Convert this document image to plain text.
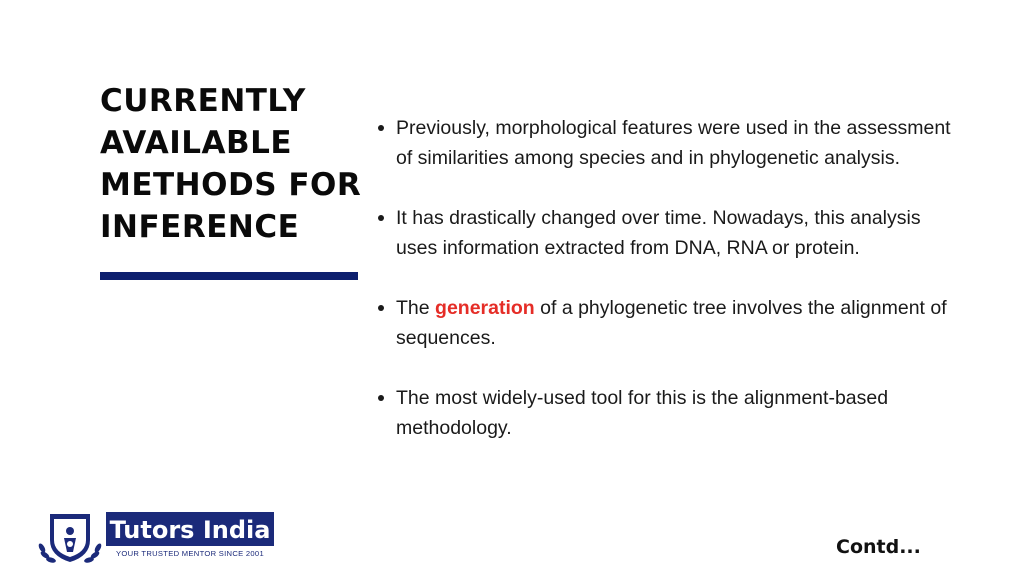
CURRENTLY
AVAILABLE
METHODS FOR
INFERENCE
Previously, morphological features were used in the assessment of similarities among species and in phylogenetic analysis.
It has drastically changed over time. Nowadays, this analysis uses information extracted from DNA, RNA or protein.
The generation of a phylogenetic tree involves the alignment of sequences.
The most widely-used tool for this is the alignment-based methodology.
Tutors India
YOUR TRUSTED MENTOR SINCE 2001	Contd...
